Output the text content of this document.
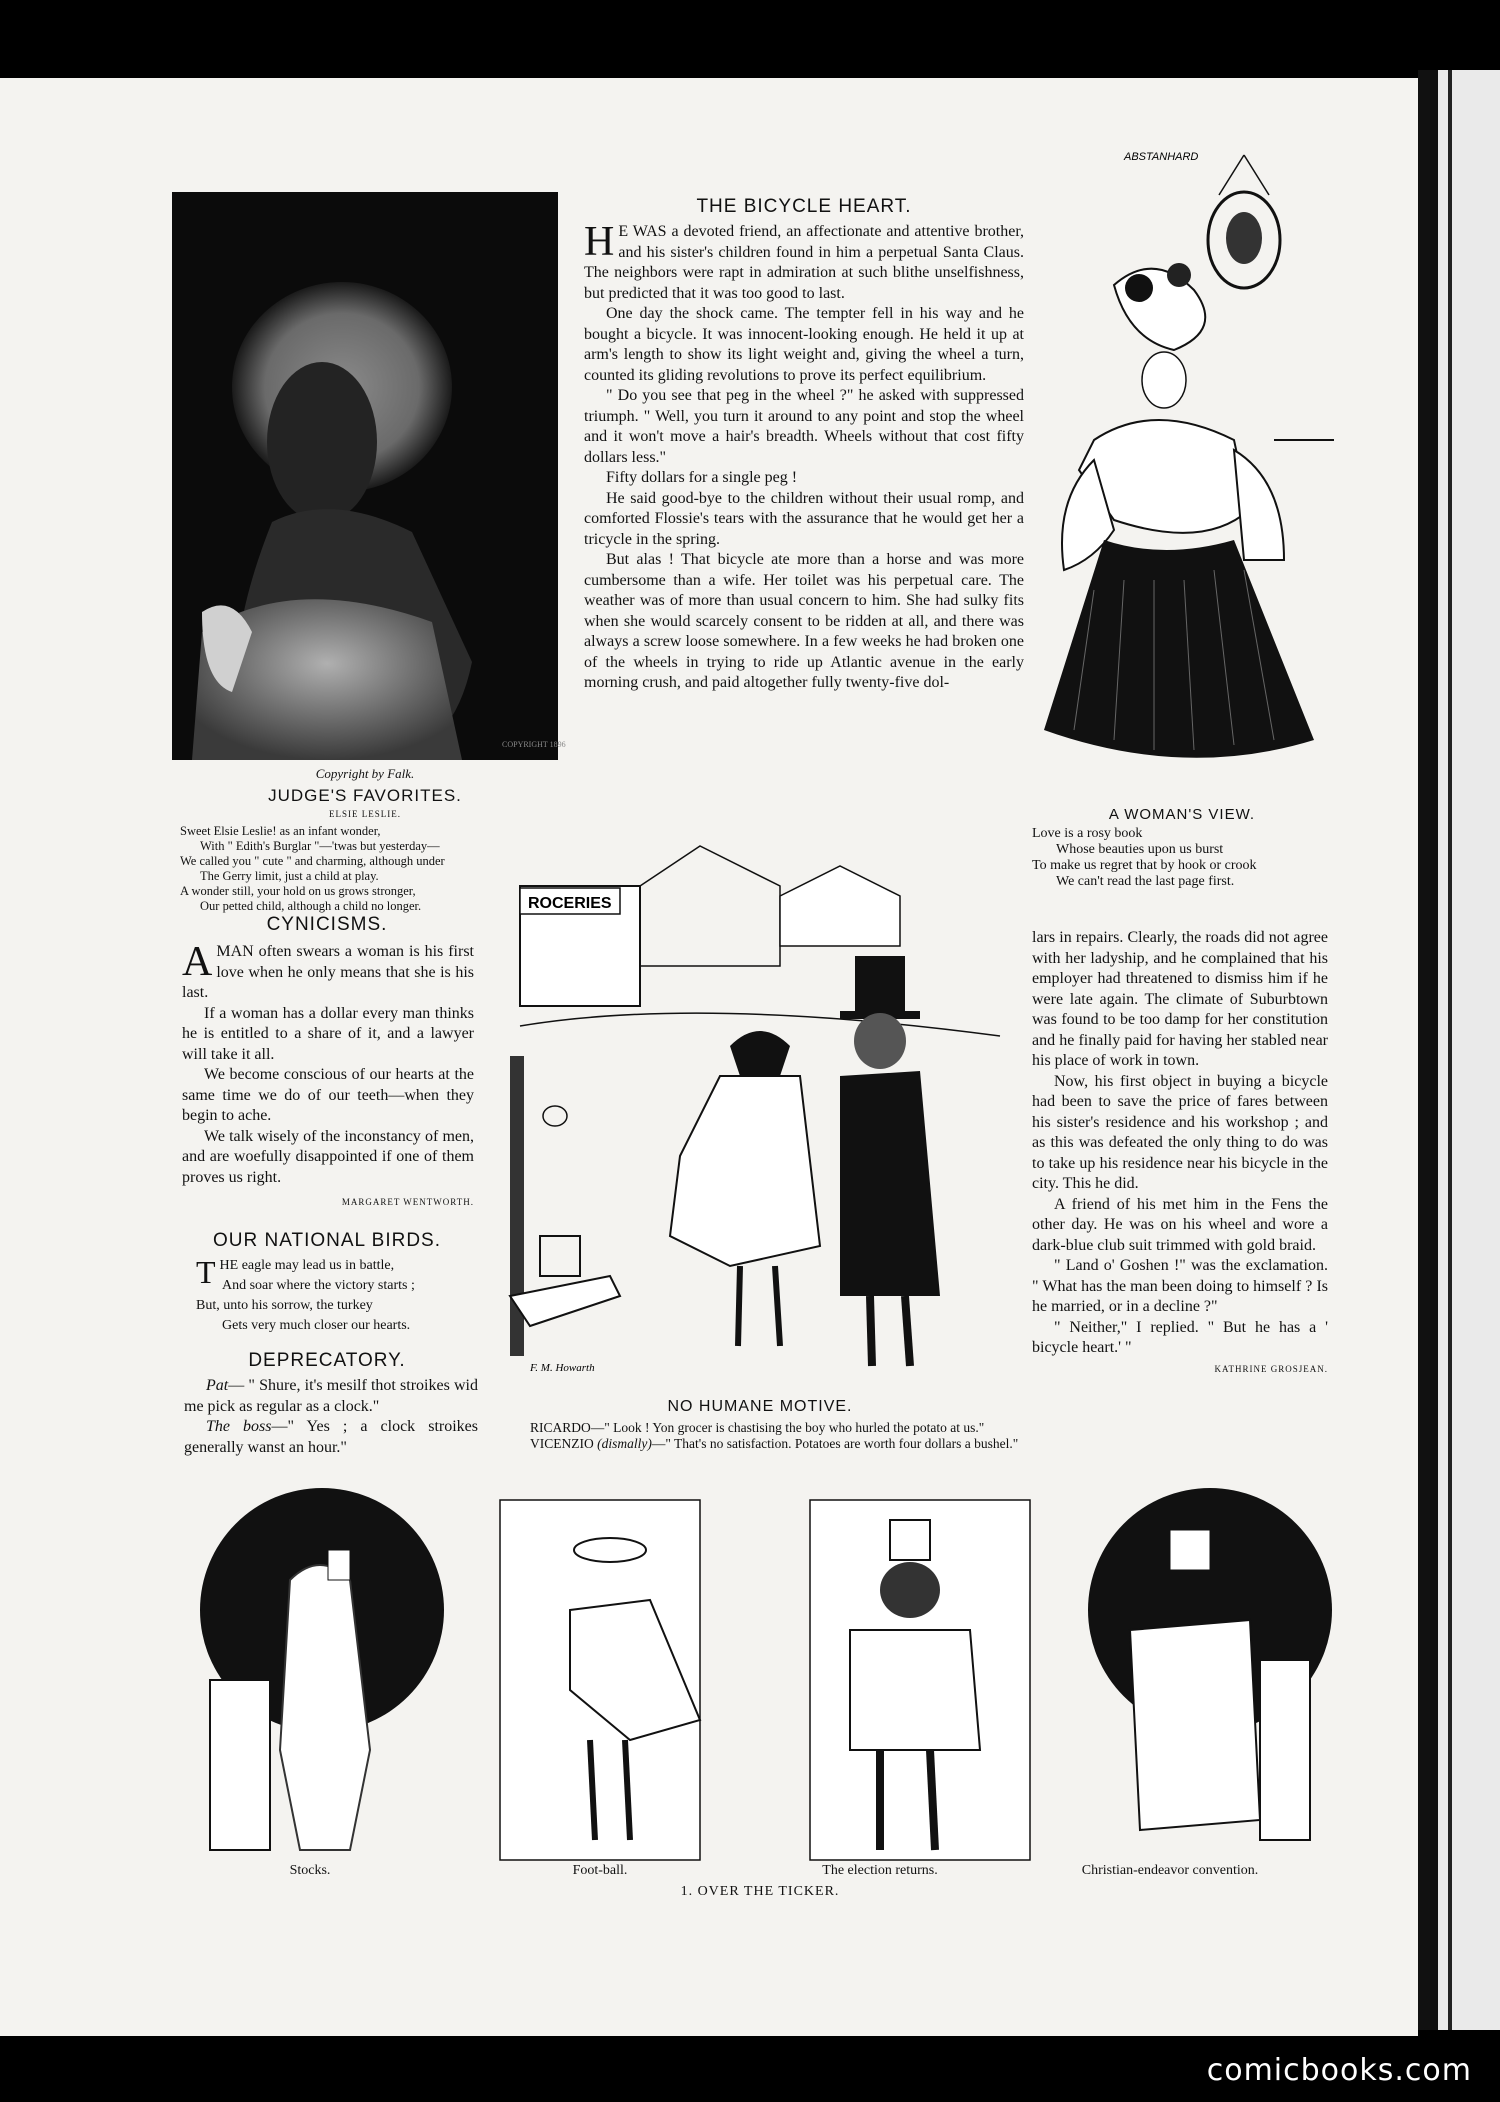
COPYRIGHT 1896
Copyright by Falk.
JUDGE'S FAVORITES.
ELSIE LESLIE.
Sweet Elsie Leslie! as an infant wonder,
With " Edith's Burglar "—'twas but yesterday—
We called you " cute " and charming, although under
The Gerry limit, just a child at play.
A wonder still, your hold on us grows stronger,
Our petted child, although a child no longer.
CYNICISMS.

AMAN often swears a woman is his first love when he only means that she is his last.

If a woman has a dollar every man thinks he is entitled to a share of it, and a lawyer will take it all.

We become conscious of our hearts at the same time we do of our teeth—when they begin to ache.

We talk wisely of the inconstancy of men, and are woefully disappointed if one of them proves us right.

MARGARET WENTWORTH.
OUR NATIONAL BIRDS.
T HE eagle may lead us in battle,
And soar where the victory starts ;
But, unto his sorrow, the turkey
Gets very much closer our hearts.
DEPRECATORY.

Pat— " Shure, it's mesilf thot stroikes wid me pick as regular as a clock."

The boss—" Yes ; a clock stroikes generally wanst an hour."

THE BICYCLE HEART.

H E WAS a devoted friend, an affectionate and attentive brother, and his sister's children found in him a perpetual Santa Claus. The neighbors were rapt in admiration at such blithe unselfishness, but predicted that it was too good to last.

One day the shock came. The tempter fell in his way and he bought a bicycle. It was innocent-looking enough. He held it up at arm's length to show its light weight and, giving the wheel a turn, counted its gliding revolutions to prove its perfect equilibrium.

" Do you see that peg in the wheel ?" he asked with suppressed triumph. " Well, you turn it around to any point and stop the wheel and it won't move a hair's breadth. Wheels without that cost fifty dollars less."

Fifty dollars for a single peg !

He said good-bye to the children without their usual romp, and comforted Flossie's tears with the assurance that he would get her a tricycle in the spring.

But alas ! That bicycle ate more than a horse and was more cumbersome than a wife. Her toilet was his perpetual care. The weather was of more than usual concern to him. She had sulky fits when she would scarcely consent to be ridden at all, and there was always a screw loose somewhere. In a few weeks he had broken one of the wheels in trying to ride up Atlantic avenue in the early morning crush, and paid altogether fully twenty-five dol-

lars in repairs. Clearly, the roads did not agree with her ladyship, and he complained that his employer had threatened to dismiss him if he were late again. The climate of Suburbtown was found to be too damp for her constitution and he finally paid for having her stabled near his place of work in town.

Now, his first object in buying a bicycle had been to save the price of fares between his sister's residence and his workshop ; and as this was defeated the only thing to do was to take up his residence near his bicycle in the city. This he did.

A friend of his met him in the Fens the other day. He was on his wheel and wore a dark-blue club suit trimmed with gold braid.

" Land o' Goshen !" was the exclamation. " What has the man been doing to himself ? Is he married, or in a decline ?"

" Neither," I replied. " But he has a ' bicycle heart.' "

KATHRINE GROSJEAN.
ABSTANHARD
A WOMAN'S VIEW.
Love is a rosy book
Whose beauties upon us burst
To make us regret that by hook or crook
We can't read the last page first.
ROCERIES
F. M. Howarth
NO HUMANE MOTIVE.
RICARDO—" Look ! Yon grocer is chastising the boy who hurled the potato at us."
VICENZIO (dismally)—" That's no satisfaction. Potatoes are worth four dollars a bushel."
Stocks.	Foot-ball.	The election returns.	Christian-endeavor convention.
1. OVER THE TICKER.
comicbooks.com
